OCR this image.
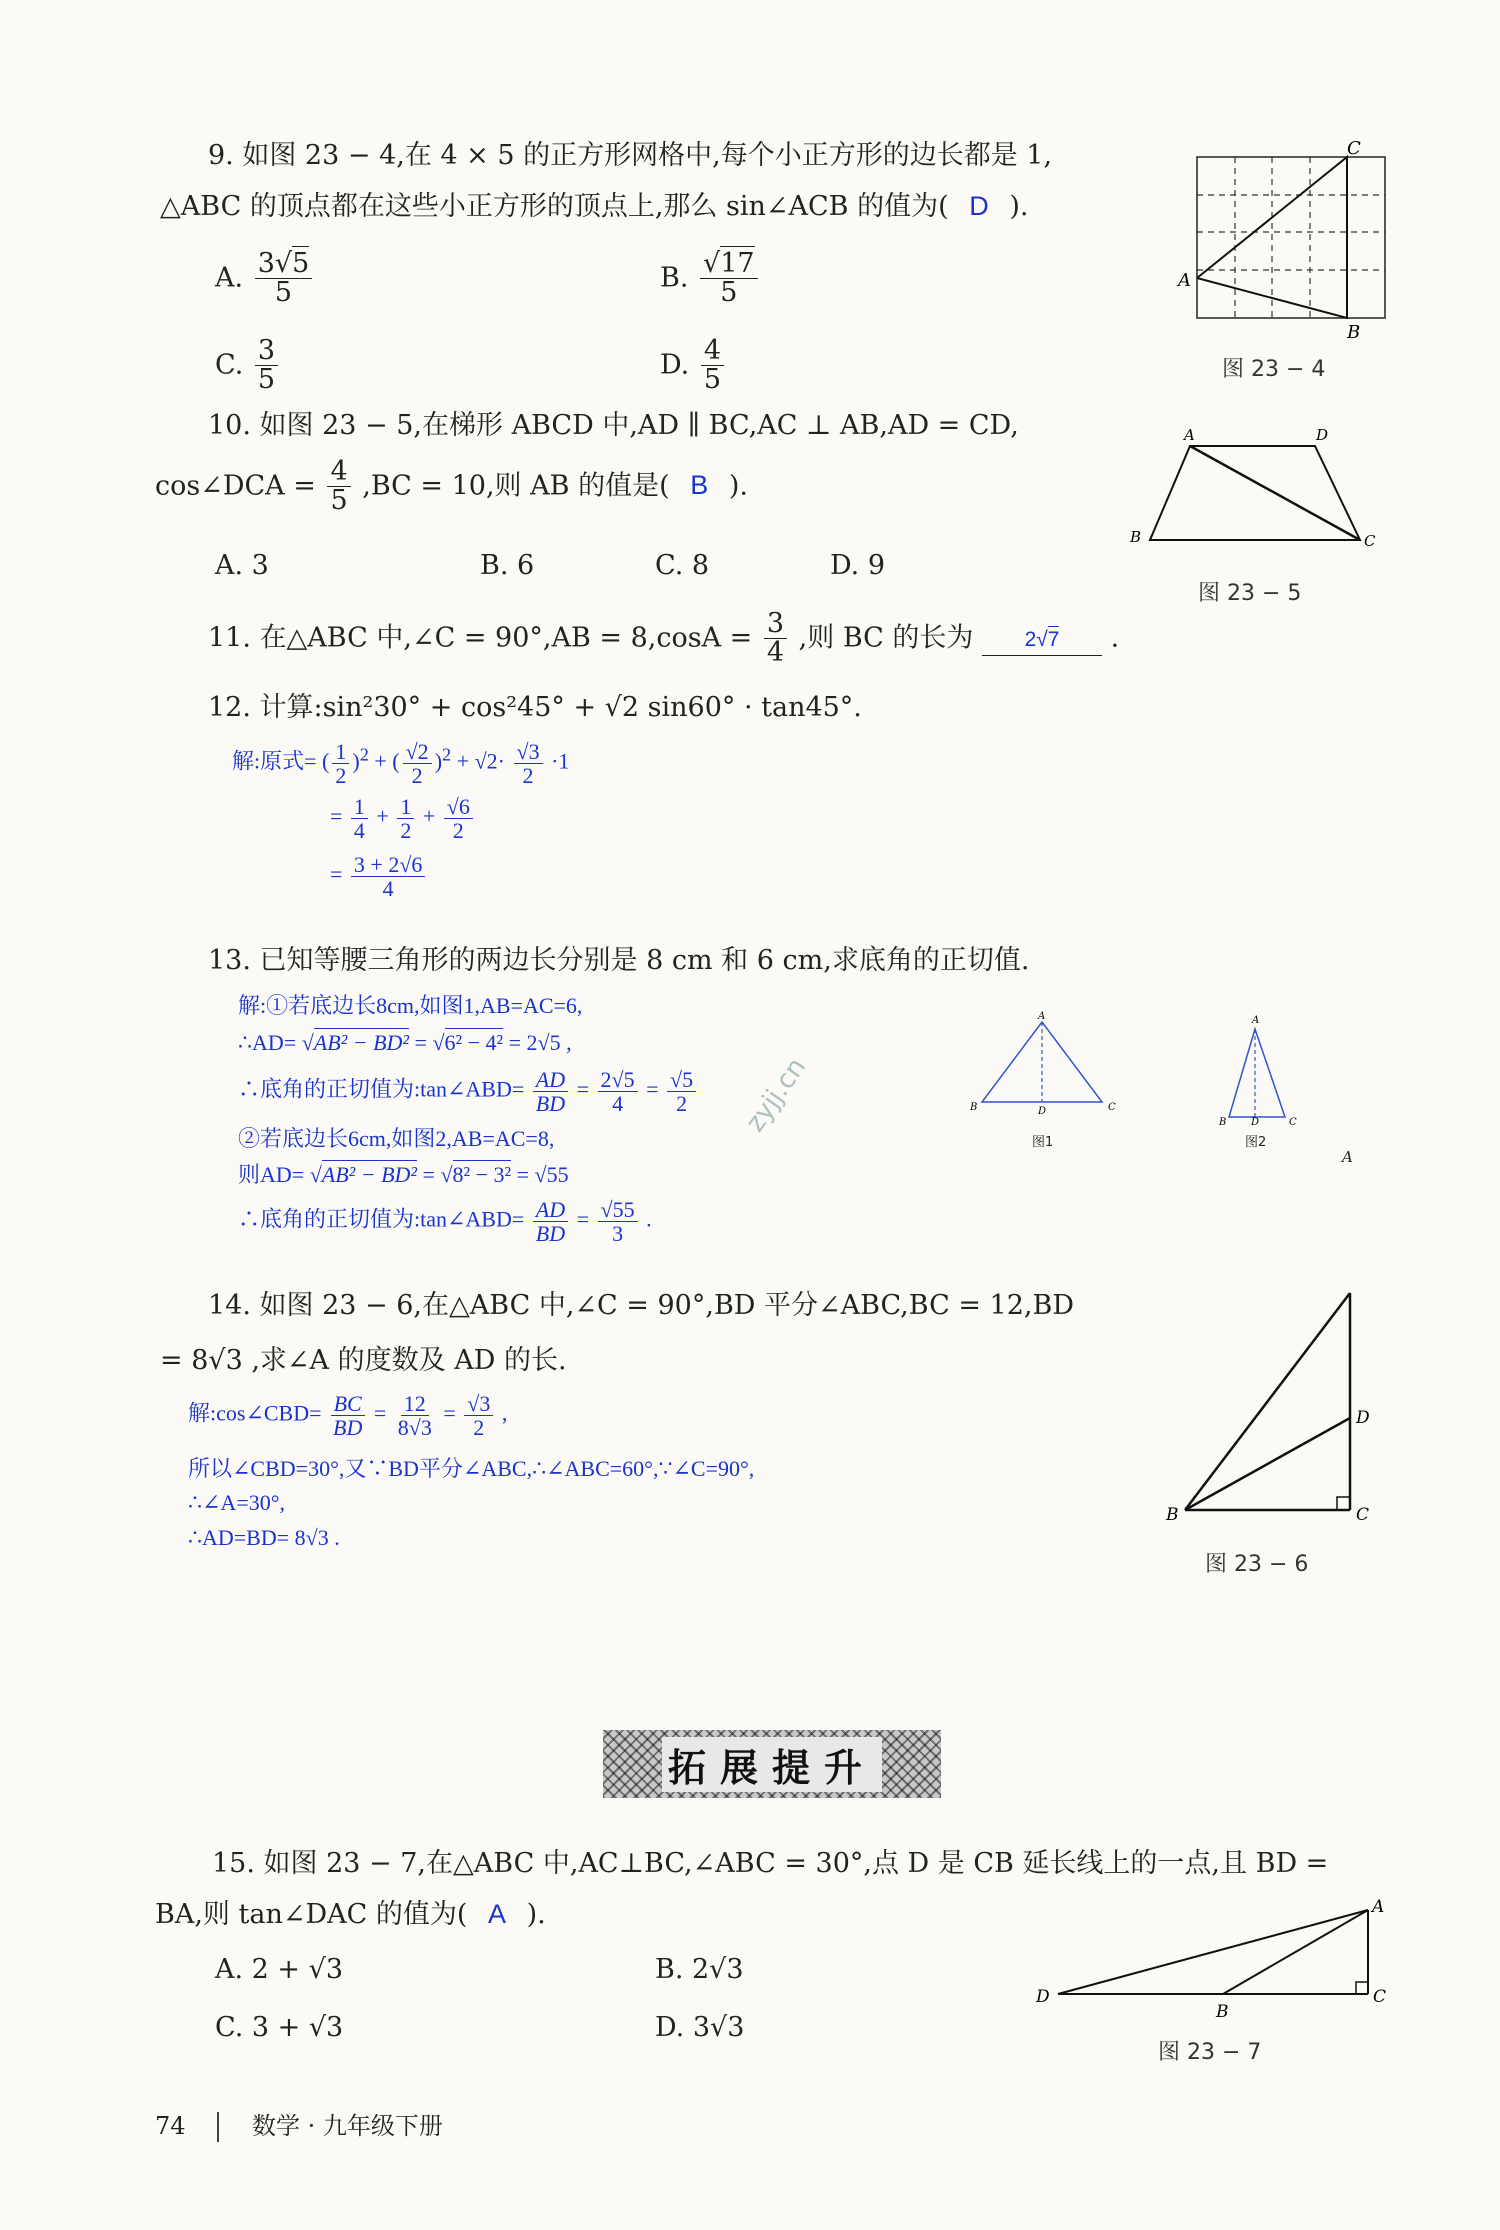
9. 如图 23 − 4,在 4 × 5 的正方形网格中,每个小正方形的边长都是 1,
△ABC 的顶点都在这些小正方形的顶点上,那么 sin∠ACB 的值为( D ).
A. $\frac{3√5}{5}$	B. $\frac{√17}{5}$
C. $\frac{3}{5}$	D. $\frac{4}{5}$
A
C
B
图 23 − 4
10. 如图 23 − 5,在梯形 ABCD 中,AD ∥ BC,AC ⊥ AB,AD = CD,
cos∠DCA = $\frac{4}{5} ,BC = 10$,则 AB 的值是( B ).
A. 3	B. 6	C. 8	D. 9
A	D
B	C
图 23 − 5
11. 在△ABC 中,∠C = $90^\circ,AB = 8,\cos A = \frac{3}{4}$ ,则 BC 的长为 2√7 .
12. 计算:sin²30° + cos²45° + √2 sin60° · tan45°.
解:原式= ( $\frac{1}{2} )^2$ + ( $\frac{√2}{2} )^2 + √2\cdot \frac{√3}{2} \cdot 1$
= $\frac{1}{4} + \frac{1}{2} + \frac{√6}{2}$
= $\frac{3 + 2√6}{4}$
13. 已知等腰三角形的两边长分别是 8 cm 和 6 cm,求底角的正切值.
解:①若底边长8cm,如图1,AB=AC=6,
∴AD= √AB² − BD² = √6² − 4² = 2√5 ,
∴底角的正切值为:tan∠ABD= $\frac{AD}{BD} = \frac{2√5}{4} = \frac{√5}{2}$
②若底边长6cm,如图2,AB=AC=8,
则AD= √AB² − BD² = √8² − 3² = √55
∴底角的正切值为:tan∠ABD= $\frac{AD}{BD} = \frac{√55}{3}$ .
zyjj.cn
A
B	D	C
图1
A
B D	C
图2
A
14. 如图 23 − 6,在△ABC 中,∠C = 90°,BD 平分∠ABC,BC = 12,BD
= 8√3 ,求∠A 的度数及 AD 的长.
解:cos∠CBD= $\frac{BC}{BD} = \frac{12}{8√3} = \frac{√3}{2}$ ,
所以∠CBD=30°,又∵BD平分∠ABC,∴∠ABC=60°,∵∠C=90°,
∴∠A=30°,
∴AD=BD= 8√3 .
B
D
C
图 23 − 6
拓展提升
15. 如图 23 − 7,在△ABC 中,AC⊥BC,∠ABC = 30°,点 D 是 CB 延长线上的一点,且 BD =
BA,则 tan∠DAC 的值为( A ).
A. 2 + √3	B. 2√3
C. 3 + √3	D. 3√3
D
B
C
A
图 23 − 7
74	数学 · 九年级下册
